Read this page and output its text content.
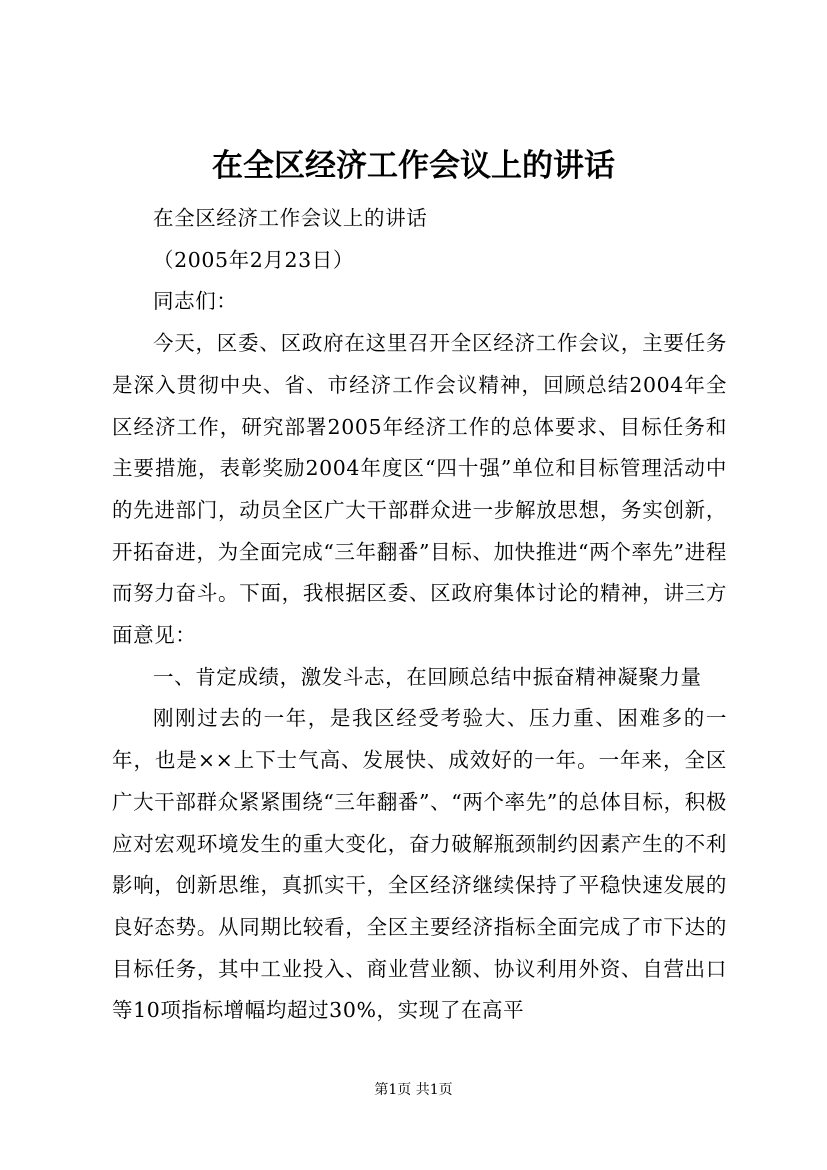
在全区经济工作会议上的讲话

在全区经济工作会议上的讲话

（2005年2月23日）

同志们：

今天，区委、区政府在这里召开全区经济工作会议，主要任务是深入贯彻中央、省、市经济工作会议精神，回顾总结2004年全区经济工作，研究部署2005年经济工作的总体要求、目标任务和主要措施，表彰奖励2004年度区“四十强”单位和目标管理活动中的先进部门，动员全区广大干部群众进一步解放思想，务实创新，开拓奋进，为全面完成“三年翻番”目标、加快推进“两个率先”进程而努力奋斗。下面，我根据区委、区政府集体讨论的精神，讲三方面意见：

一、肯定成绩，激发斗志，在回顾总结中振奋精神凝聚力量

刚刚过去的一年，是我区经受考验大、压力重、困难多的一年，也是××上下士气高、发展快、成效好的一年。一年来，全区广大干部群众紧紧围绕“三年翻番”、“两个率先”的总体目标，积极应对宏观环境发生的重大变化，奋力破解瓶颈制约因素产生的不利影响，创新思维，真抓实干，全区经济继续保持了平稳快速发展的良好态势。从同期比较看，全区主要经济指标全面完成了市下达的目标任务，其中工业投入、商业营业额、协议利用外资、自营出口等10项指标增幅均超过30%，实现了在高平

第1页 共1页
